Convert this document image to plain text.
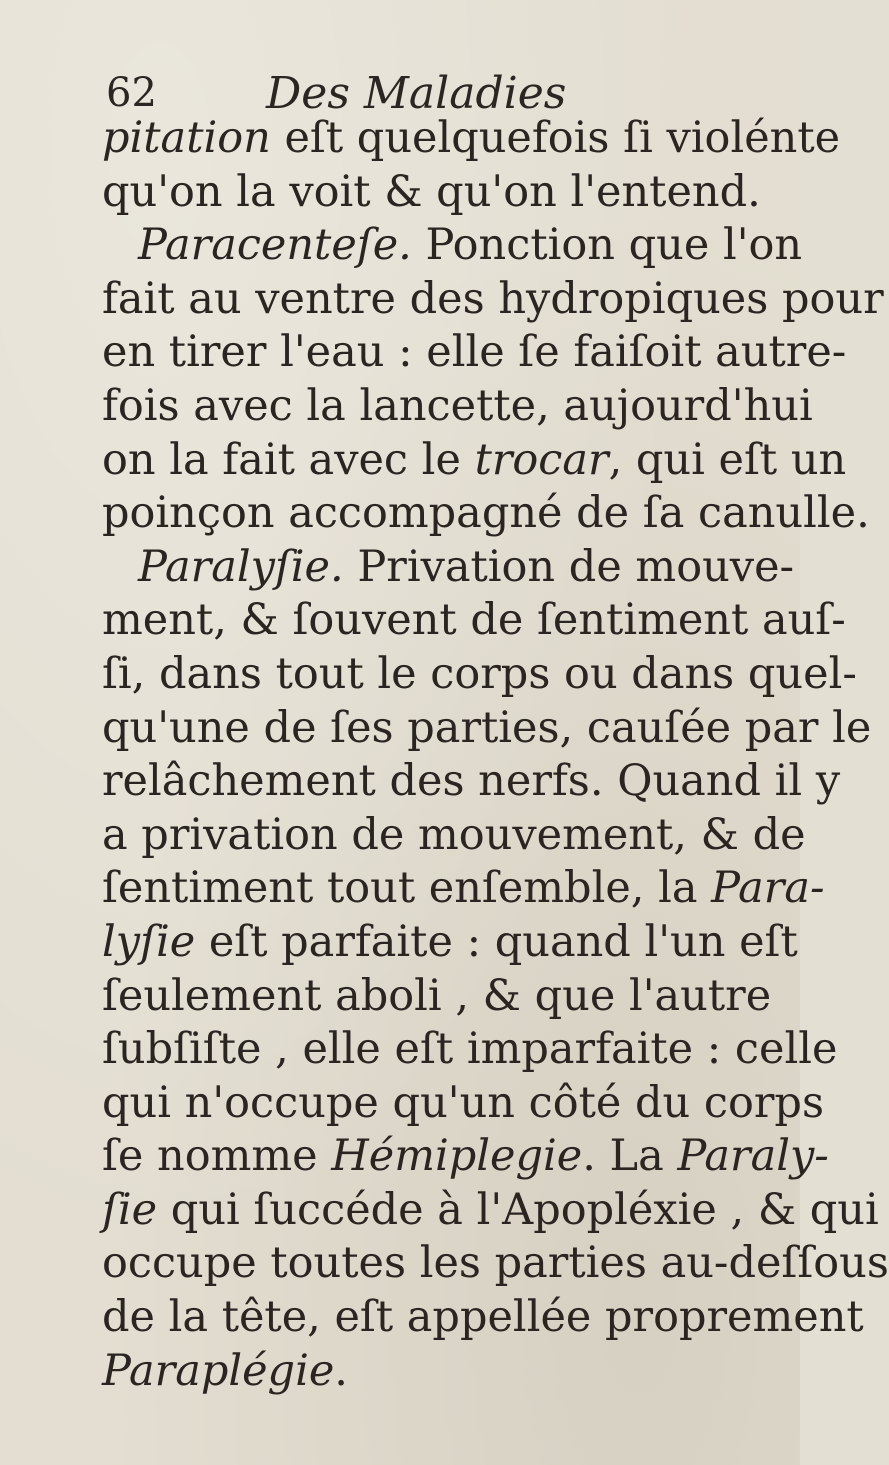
62 Des Maladies
pitation eſt quelquefois ſi violénte
qu'on la voit & qu'on l'entend.
Paracenteſe. Ponction que l'on
fait au ventre des hydropiques pour
en tirer l'eau : elle ſe faiſoit autre-
fois avec la lancette, aujourd'hui
on la fait avec le trocar, qui eſt un
poinçon accompagné de ſa canulle.
Paralyſie. Privation de mouve-
ment, & ſouvent de ſentiment auſ-
ſi, dans tout le corps ou dans quel-
qu'une de ſes parties, cauſée par le
relâchement des nerfs. Quand il y
a privation de mouvement, & de
ſentiment tout enſemble, la Para-
lyſie eſt parfaite : quand l'un eſt
ſeulement aboli , & que l'autre
ſubſiſte , elle eſt imparfaite : celle
qui n'occupe qu'un côté du corps
ſe nomme Hémiplegie. La Paraly-
ſie qui ſuccéde à l'Apopléxie , & qui
occupe toutes les parties au-deſſous
de la tête, eſt appellée proprement
Paraplégie.
